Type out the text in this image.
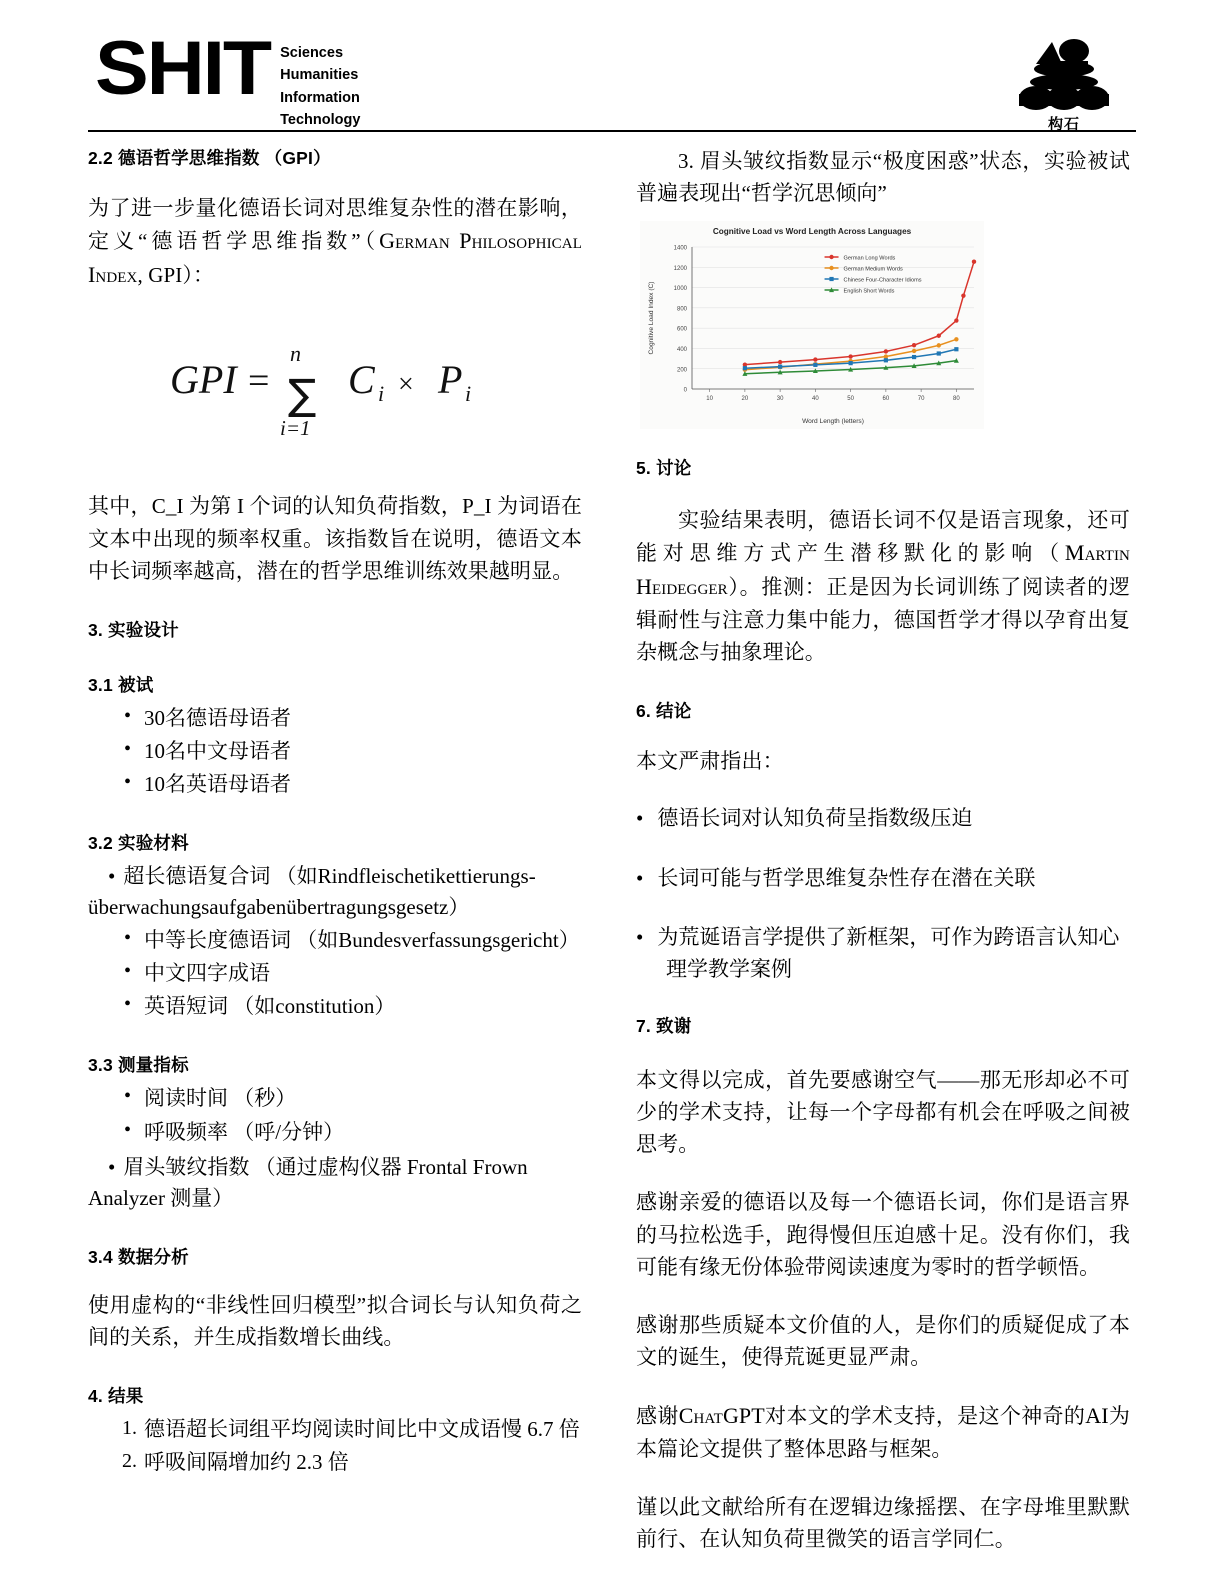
SHIT Sciences
Humanities
Information
Technology	构石
2.2 德语哲学思维指数 （GPI）

为了进一步量化德语长词对思维复杂性的潜在影响，定义“德语哲学思维指数”（German Philosophical Index, GPI）：

GPI =
n
∑
i=1
C i × P i

其中，C_I 为第 I 个词的认知负荷指数，P_I 为词语在文本中出现的频率权重。该指数旨在说明，德语文本中长词频率越高，潜在的哲学思维训练效果越明显。

3. 实验设计
3.1 被试
• 30名德语母语者
• 10名中文母语者
• 10名英语母语者
3.2 实验材料
• 超长德语复合词 （如Rindfleischetikettierungs-
überwachungsaufgabenübertragungsgesetz）
• 中等长度德语词 （如Bundesverfassungsgericht）
• 中文四字成语
• 英语短词 （如constitution）
3.3 测量指标
• 阅读时间 （秒）
• 呼吸频率 （呼/分钟）
• 眉头皱纹指数 （通过虚构仪器 Frontal Frown
Analyzer 测量）
3.4 数据分析

使用虚构的“非线性回归模型”拟合词长与认知负荷之间的关系，并生成指数增长曲线。

4. 结果
德语超长词组平均阅读时间比中文成语慢 6.7 倍
呼吸间隔增加约 2.3 倍

3. 眉头皱纹指数显示“极度困惑”状态，实验被试普遍表现出“哲学沉思倾向”

Cognitive Load vs Word Length Across Languages
0
200
400
600
800
1000
1200
1400
10	20	30	40	50	60	70	80
Word Length (letters)
Cognitive Load Index (C)
German Long Words
German Medium Words
Chinese Four-Character Idioms
English Short Words
5. 讨论

实验结果表明，德语长词不仅是语言现象，还可能对思维方式产生潜移默化的影响（Martin Heidegger）。推测：正是因为长词训练了阅读者的逻辑耐性与注意力集中能力，德国哲学才得以孕育出复杂概念与抽象理论。

6. 结论

本文严肃指出：

• 德语长词对认知负荷呈指数级压迫
• 长词可能与哲学思维复杂性存在潜在关联
• 为荒诞语言学提供了新框架，可作为跨语言认知心理学教学案例
7. 致谢

本文得以完成，首先要感谢空气——那无形却必不可少的学术支持，让每一个字母都有机会在呼吸之间被思考。

感谢亲爱的德语以及每一个德语长词，你们是语言界的马拉松选手，跑得慢但压迫感十足。没有你们，我可能有缘无份体验带阅读速度为零时的哲学顿悟。

感谢那些质疑本文价值的人，是你们的质疑促成了本文的诞生，使得荒诞更显严肃。

感谢ChatGPT对本文的学术支持，是这个神奇的AI为本篇论文提供了整体思路与框架。

谨以此文献给所有在逻辑边缘摇摆、在字母堆里默默前行、在认知负荷里微笑的语言学同仁。
